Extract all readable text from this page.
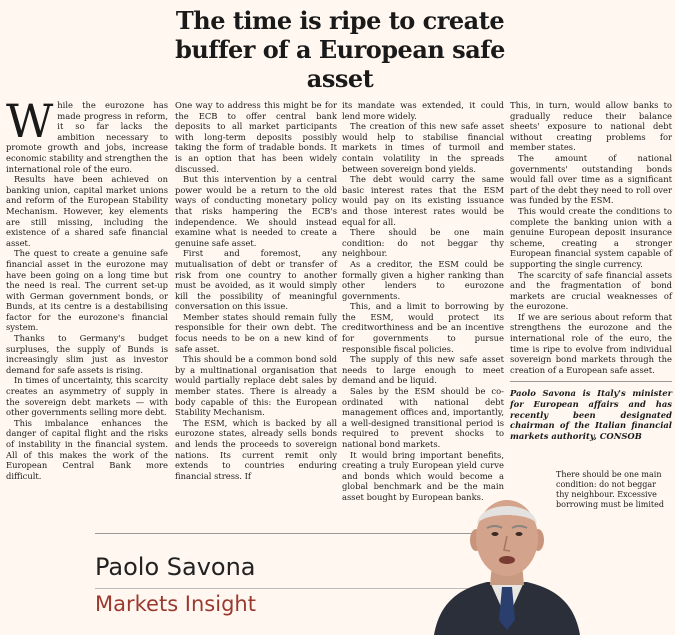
The time is ripe to create buffer of a European safe asset

While the eurozone has made progress in reform, it so far lacks the ambition necessary to promote growth and jobs, increase economic stability and strengthen the international role of the euro.

Results have been achieved on banking union, capital market unions and reform of the European Stability Mechanism. However, key elements are still missing, including the existence of a shared safe financial asset.

The quest to create a genuine safe financial asset in the eurozone may have been going on a long time but the need is real. The current set-up with German government bonds, or Bunds, at its centre is a destabilising factor for the eurozone's financial system.

Thanks to Germany's budget surpluses, the supply of Bunds is increasingly slim just as investor demand for safe assets is rising.

In times of uncertainty, this scarcity creates an asymmetry of supply in the sovereign debt markets — with other governments selling more debt.

This imbalance enhances the danger of capital flight and the risks of instability in the financial system. All of this makes the work of the European Central Bank more difficult.

One way to address this might be for the ECB to offer central bank deposits to all market participants with long-term deposits possibly taking the form of tradable bonds. It is an option that has been widely discussed.

But this intervention by a central power would be a return to the old ways of conducting monetary policy that risks hampering the ECB's independence. We should instead examine what is needed to create a genuine safe asset.

First and foremost, any mutualisation of debt or transfer of risk from one country to another must be avoided, as it would simply kill the possibility of meaningful conversation on this issue.

Member states should remain fully responsible for their own debt. The focus needs to be on a new kind of safe asset.

This should be a common bond sold by a multinational organisation that would partially replace debt sales by member states. There is already a body capable of this: the European Stability Mechanism.

The ESM, which is backed by all eurozone states, already sells bonds and lends the proceeds to sovereign nations. Its current remit only extends to countries enduring financial stress. If

its mandate was extended, it could lend more widely.

The creation of this new safe asset would help to stabilise financial markets in times of turmoil and contain volatility in the spreads between sovereign bond yields.

The debt would carry the same basic interest rates that the ESM would pay on its existing issuance and those interest rates would be equal for all.

There should be one main condition: do not beggar thy neighbour.

As a creditor, the ESM could be formally given a higher ranking than other lenders to eurozone governments.

This, and a limit to borrowing by the ESM, would protect its creditworthiness and be an incentive for governments to pursue responsible fiscal policies.

The supply of this new safe asset needs to large enough to meet demand and be liquid.

Sales by the ESM should be co-ordinated with national debt management offices and, importantly, a well-designed transitional period is required to prevent shocks to national bond markets.

It would bring important benefits, creating a truly European yield curve and bonds which would become a global benchmark and be the main asset bought by European banks.

This, in turn, would allow banks to gradually reduce their balance sheets' exposure to national debt without creating problems for member states.

The amount of national governments' outstanding bonds would fall over time as a significant part of the debt they need to roll over was funded by the ESM.

This would create the conditions to complete the banking union with a genuine European deposit insurance scheme, creating a stronger European financial system capable of supporting the single currency.

The scarcity of safe financial assets and the fragmentation of bond markets are crucial weaknesses of the eurozone.

If we are serious about reform that strengthens the eurozone and the international role of the euro, the time is ripe to evolve from individual sovereign bond markets through the creation of a European safe asset.

Paolo Savona is Italy's minister for European affairs and has recently been designated chairman of the Italian financial markets authority, CONSOB

There should be one main condition: do not beggar thy neighbour. Excessive borrowing must be limited
Paolo Savona
Markets Insight
